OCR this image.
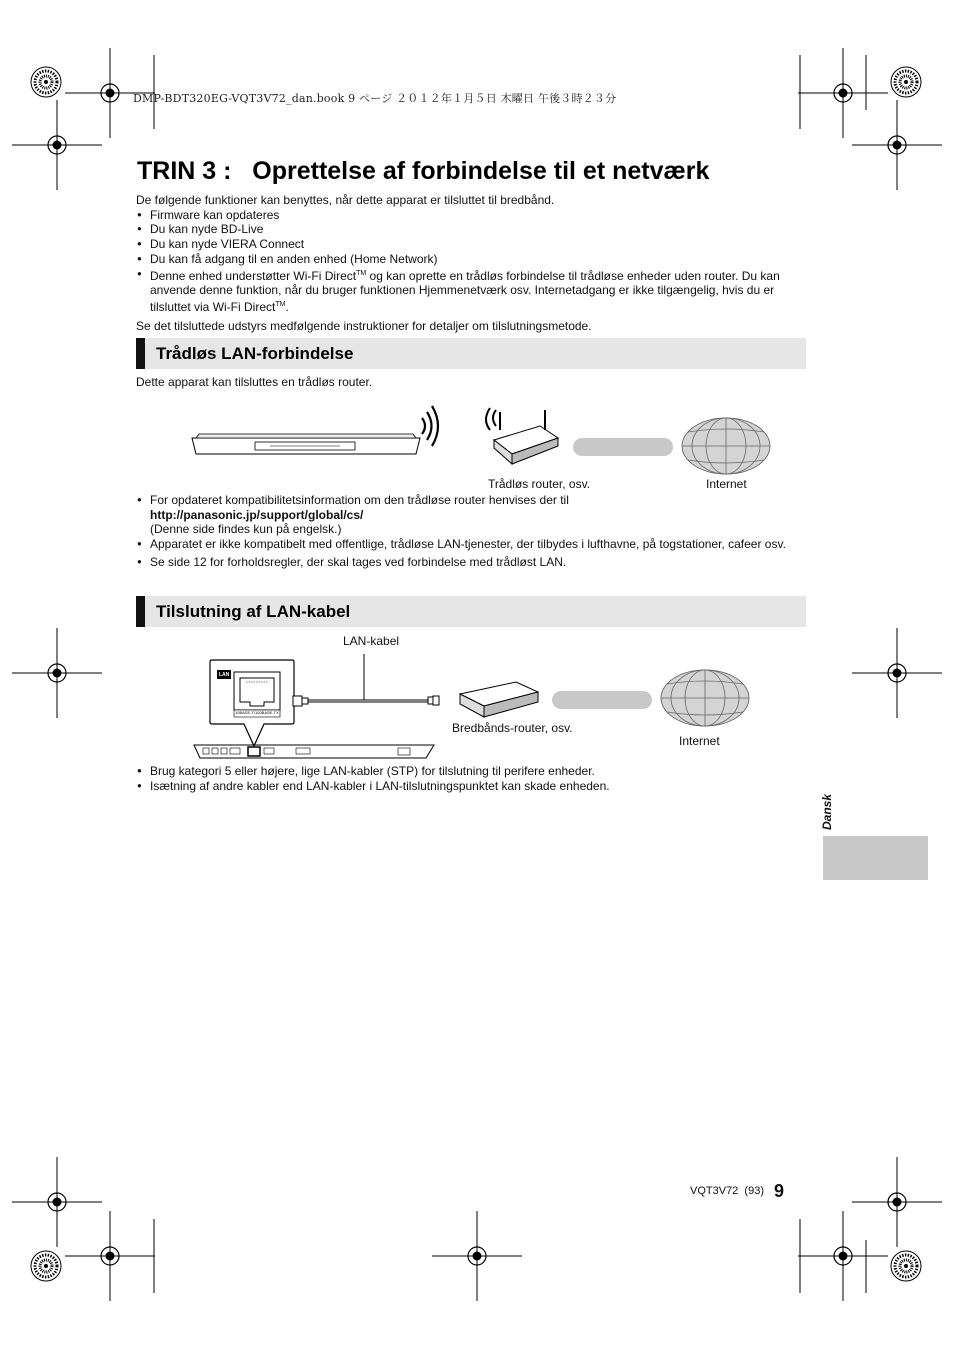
DMP-BDT320EG-VQT3V72_dan.book 9 ページ ２０１２年１月５日 木曜日 午後３時２３分
TRIN 3 :   Oprettelse af forbindelse til et netværk
De følgende funktioner kan benyttes, når dette apparat er tilsluttet til bredbånd.
● Firmware kan opdateres
● Du kan nyde BD-Live
● Du kan nyde VIERA Connect
● Du kan få adgang til en anden enhed (Home Network)
● Denne enhed understøtter Wi-Fi Direct™ og kan oprette en trådløs forbindelse til trådløse enheder uden router. Du kan anvende denne funktion, når du bruger funktionen Hjemmenetværk osv. Internetadgang er ikke tilgængelig, hvis du er tilsluttet via Wi-Fi Direct™.
Se det tilsluttede udstyrs medfølgende instruktioner for detaljer om tilslutningsmetode.
Trådløs LAN-forbindelse
Dette apparat kan tilsluttes en trådløs router.
Trådløs router, osv.	Internet
● For opdateret kompatibilitetsinformation om den trådløse router henvises der til
http://panasonic.jp/support/global/cs/
(Denne side findes kun på engelsk.)
● Apparatet er ikke kompatibelt med offentlige, trådløse LAN-tjenester, der tilbydes i lufthavne, på togstationer, cafeer osv.
● Se side 12 for forholdsregler, der skal tages ved forbindelse med trådløst LAN.
Tilslutning af LAN-kabel
LAN-kabel
LAN
10BASE-T/100BASE-TX
Bredbånds-router, osv.
Internet
● Brug kategori 5 eller højere, lige LAN-kabler (STP) for tilslutning til perifere enheder.
● Isætning af andre kabler end LAN-kabler i LAN-tilslutningspunktet kan skade enheden.
Dansk
VQT3V72  (93) 9
